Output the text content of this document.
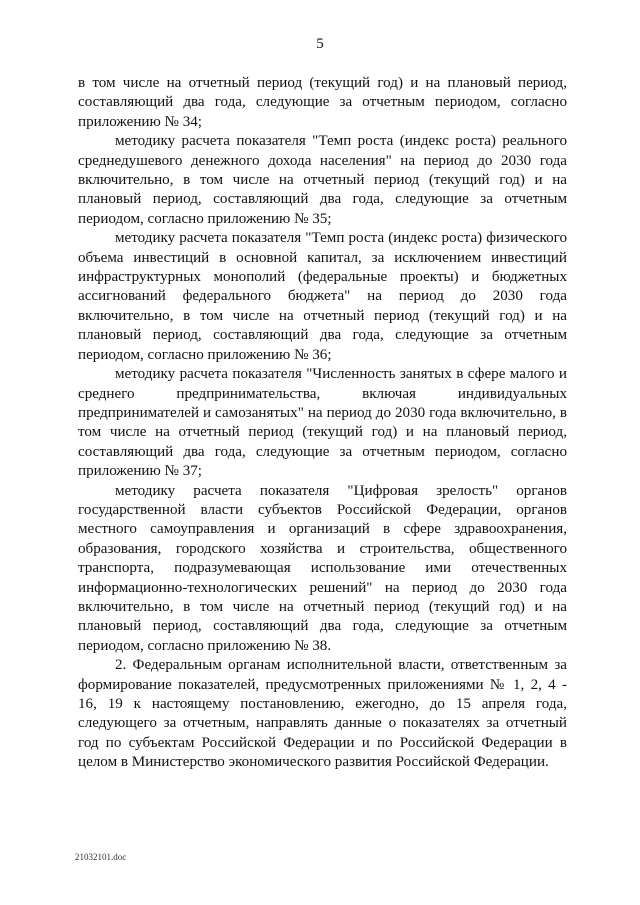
5

в том числе на отчетный период (текущий год) и на плановый период, составляющий два года, следующие за отчетным периодом, согласно приложению № 34;

методику расчета показателя "Темп роста (индекс роста) реального среднедушевого денежного дохода населения" на период до 2030 года включительно, в том числе на отчетный период (текущий год) и на плановый период, составляющий два года, следующие за отчетным периодом, согласно приложению № 35;

методику расчета показателя "Темп роста (индекс роста) физического объема инвестиций в основной капитал, за исключением инвестиций инфраструктурных монополий (федеральные проекты) и бюджетных ассигнований федерального бюджета" на период до 2030 года включительно, в том числе на отчетный период (текущий год) и на плановый период, составляющий два года, следующие за отчетным периодом, согласно приложению № 36;

методику расчета показателя "Численность занятых в сфере малого и среднего предпринимательства, включая индивидуальных предпринимателей и самозанятых" на период до 2030 года включительно, в том числе на отчетный период (текущий год) и на плановый период, составляющий два года, следующие за отчетным периодом, согласно приложению № 37;

методику расчета показателя "Цифровая зрелость" органов государственной власти субъектов Российской Федерации, органов местного самоуправления и организаций в сфере здравоохранения, образования, городского хозяйства и строительства, общественного транспорта, подразумевающая использование ими отечественных информационно-технологических решений" на период до 2030 года включительно, в том числе на отчетный период (текущий год) и на плановый период, составляющий два года, следующие за отчетным периодом, согласно приложению № 38.

2. Федеральным органам исполнительной власти, ответственным за формирование показателей, предусмотренных приложениями № 1, 2, 4 - 16, 19 к настоящему постановлению, ежегодно, до 15 апреля года, следующего за отчетным, направлять данные о показателях за отчетный год по субъектам Российской Федерации и по Российской Федерации в целом в Министерство экономического развития Российской Федерации.

21032101.doc
